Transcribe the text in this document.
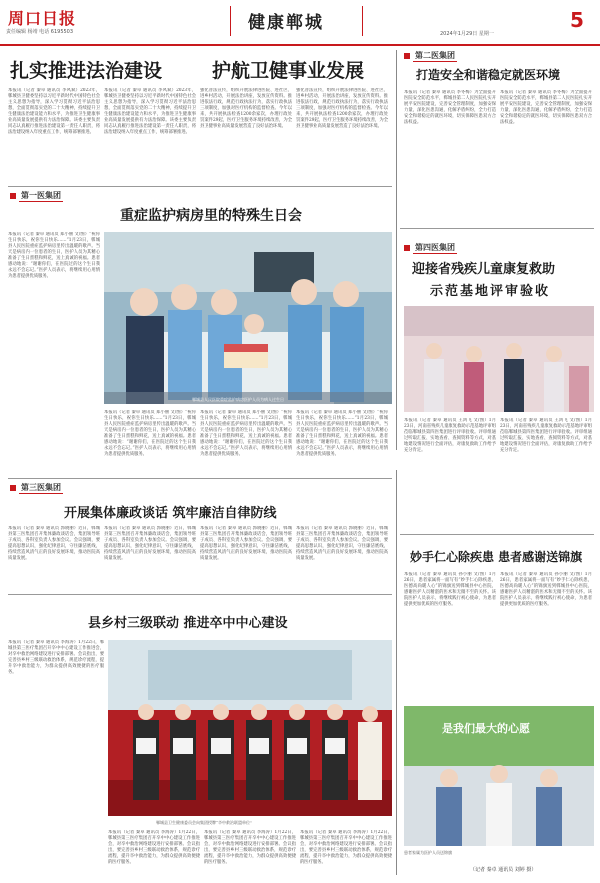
周口日报
责任编辑 杨靖 电话 6195503	健康郸城
2024年1月29日 星期一
5
扎实推进法治建设	护航卫健事业发展
本报讯（记者 秦卓 通讯员 李风斌）2023年，郸城县卫健委坚持以习近平新时代中国特色社会主义思想为指导，深入学习贯彻习近平法治思想，全面贯彻落实党的二十大精神，持续提升卫生健康法治建设能力和水平，为推进卫生健康事业高质量发展提供有力法治保障。该委主要负责同志认真履行推进法治建设第一责任人职责，将法治建设纳入年度重点工作，统筹部署推进。
本报讯（记者 秦卓 通讯员 李风斌）2023年，郸城县卫健委坚持以习近平新时代中国特色社会主义思想为指导，深入学习贯彻习近平法治思想，全面贯彻落实党的二十大精神，持续提升卫生健康法治建设能力和水平，为推进卫生健康事业高质量发展提供有力法治保障。该委主要负责同志认真履行推进法治建设第一责任人职责，将法治建设纳入年度重点工作，统筹部署推进。
强化普法宣传，组织开展法律进医院、进社区、进乡村活动，开展法治讲座，发放宣传资料。推进依法行政，规范行政执法行为，落实行政执法三项制度，加强对医疗机构的监督检查。今年以来，共开展执法检查1200余家次，办理行政处罚案件29起，医疗卫生服务环境持续改善，为全县卫健事业高质量发展营造了良好法治环境。
强化普法宣传，组织开展法律进医院、进社区、进乡村活动，开展法治讲座，发放宣传资料。推进依法行政，规范行政执法行为，落实行政执法三项制度，加强对医疗机构的监督检查。今年以来，共开展执法检查1200余家次，办理行政处罚案件29起，医疗卫生服务环境持续改善，为全县卫健事业高质量发展营造了良好法治环境。
第二医集团
打造安全和谐稳定就医环境
本报讯（记者 秦卓 通讯员 李冬梅）为全面提升医院安全防范水平，郸城县第二人民医院扎实开展平安医院建设，完善安全管理制度，加强安保力量，深化医患沟通，化解矛盾纠纷，全力打造安全和谐稳定的就医环境，切实保障医患双方合法权益。
本报讯（记者 秦卓 通讯员 李冬梅）为全面提升医院安全防范水平，郸城县第二人民医院扎实开展平安医院建设，完善安全管理制度，加强安保力量，深化医患沟通，化解矛盾纠纷，全力打造安全和谐稳定的就医环境，切实保障医患双方合法权益。
第一医集团
重症监护病房里的特殊生日会
本报讯（记者 秦卓 通讯员 郑小丽 文/图）“祝你生日快乐，祝你生日快乐……”1月23日，郸城县人民医院重症监护病房里传出温暖的歌声。当天是病房内一位患者的生日，医护人员为其精心准备了生日蛋糕和鲜花，送上真诚的祝福。患者感动地说：“谢谢你们，在医院过的这个生日我永远不会忘记。”医护人员表示，将继续用心用情为患者提供优质服务。
郸城县人民医院重症监护病房医护人员为病人过生日
本报讯（记者 秦卓 通讯员 郑小丽 文/图）“祝你生日快乐，祝你生日快乐……”1月23日，郸城县人民医院重症监护病房里传出温暖的歌声。当天是病房内一位患者的生日，医护人员为其精心准备了生日蛋糕和鲜花，送上真诚的祝福。患者感动地说：“谢谢你们，在医院过的这个生日我永远不会忘记。”医护人员表示，将继续用心用情为患者提供优质服务。
本报讯（记者 秦卓 通讯员 郑小丽 文/图）“祝你生日快乐，祝你生日快乐……”1月23日，郸城县人民医院重症监护病房里传出温暖的歌声。当天是病房内一位患者的生日，医护人员为其精心准备了生日蛋糕和鲜花，送上真诚的祝福。患者感动地说：“谢谢你们，在医院过的这个生日我永远不会忘记。”医护人员表示，将继续用心用情为患者提供优质服务。
本报讯（记者 秦卓 通讯员 郑小丽 文/图）“祝你生日快乐，祝你生日快乐……”1月23日，郸城县人民医院重症监护病房里传出温暖的歌声。当天是病房内一位患者的生日，医护人员为其精心准备了生日蛋糕和鲜花，送上真诚的祝福。患者感动地说：“谢谢你们，在医院过的这个生日我永远不会忘记。”医护人员表示，将继续用心用情为患者提供优质服务。
第四医集团
迎接省残疾儿童康复救助
示范基地评审验收
本报讯（记者 秦卓 通讯员 王鸿飞 文/图）1月23日，河南省残疾儿童康复救助示范基地评审组莅临郸城县第四医集团进行评审验收。评审组通过听取汇报、实地查看、查阅资料等方式，对基地建设情况进行全面评估，对康复救助工作给予充分肯定。
本报讯（记者 秦卓 通讯员 王鸿飞 文/图）1月23日，河南省残疾儿童康复救助示范基地评审组莅临郸城县第四医集团进行评审验收。评审组通过听取汇报、实地查看、查阅资料等方式，对基地建设情况进行全面评估，对康复救助工作给予充分肯定。
第三医集团
开展集体廉政谈话 筑牢廉洁自律防线
本报讯（记者 秦卓 通讯员 郭晓丽）近日，郸城县第三医集团召开集体廉政谈话会，集团领导班子成员、各科室负责人参加会议。会议强调，要提高思想认识，强化纪律意识，守住廉洁底线，持续营造风清气正的良好发展环境，推动医院高质量发展。
本报讯（记者 秦卓 通讯员 郭晓丽）近日，郸城县第三医集团召开集体廉政谈话会，集团领导班子成员、各科室负责人参加会议。会议强调，要提高思想认识，强化纪律意识，守住廉洁底线，持续营造风清气正的良好发展环境，推动医院高质量发展。
本报讯（记者 秦卓 通讯员 郭晓丽）近日，郸城县第三医集团召开集体廉政谈话会，集团领导班子成员、各科室负责人参加会议。会议强调，要提高思想认识，强化纪律意识，守住廉洁底线，持续营造风清气正的良好发展环境，推动医院高质量发展。
本报讯（记者 秦卓 通讯员 郭晓丽）近日，郸城县第三医集团召开集体廉政谈话会，集团领导班子成员、各科室负责人参加会议。会议强调，要提高思想认识，强化纪律意识，守住廉洁底线，持续营造风清气正的良好发展环境，推动医院高质量发展。
县乡村三级联动 推进卒中中心建设
本报讯（记者 秦卓 通讯员 李海涛）1月22日，郸城县第三医疗集团召开卒中中心建设工作推进会，对卒中救治网络建设进行安排部署。会议指出，要完善县乡村三级联动救治体系，规范诊疗流程，提升卒中救治能力，为群众提供高效便捷的医疗服务。
郸城县卫生健康委员会向集团授牌“卒中救治联盟单位”
本报讯（记者 秦卓 通讯员 李海涛）1月22日，郸城县第三医疗集团召开卒中中心建设工作推进会，对卒中救治网络建设进行安排部署。会议指出，要完善县乡村三级联动救治体系，规范诊疗流程，提升卒中救治能力，为群众提供高效便捷的医疗服务。
本报讯（记者 秦卓 通讯员 李海涛）1月22日，郸城县第三医疗集团召开卒中中心建设工作推进会，对卒中救治网络建设进行安排部署。会议指出，要完善县乡村三级联动救治体系，规范诊疗流程，提升卒中救治能力，为群众提供高效便捷的医疗服务。
本报讯（记者 秦卓 通讯员 李海涛）1月22日，郸城县第三医疗集团召开卒中中心建设工作推进会，对卒中救治网络建设进行安排部署。会议指出，要完善县乡村三级联动救治体系，规范诊疗流程，提升卒中救治能力，为群众提供高效便捷的医疗服务。
妙手仁心除疾患 患者感谢送锦旗
本报讯（记者 秦卓 通讯员 孙小丽 文/图）1月26日，患者家属将一面写有“妙手仁心除疾患，医德高尚暖人心”的锦旗送到郸城县中心医院，感谢医护人员精湛的医术和无微不至的关怀。该院医护人员表示，将继续践行初心使命，为患者提供更加优质的医疗服务。
本报讯（记者 秦卓 通讯员 孙小丽 文/图）1月26日，患者家属将一面写有“妙手仁心除疾患，医德高尚暖人心”的锦旗送到郸城县中心医院，感谢医护人员精湛的医术和无微不至的关怀。该院医护人员表示，将继续践行初心使命，为患者提供更加优质的医疗服务。
是我们最大的心愿
患者家属为医护人员送锦旗
（记者 秦卓 通讯员 刘婷 摄）
